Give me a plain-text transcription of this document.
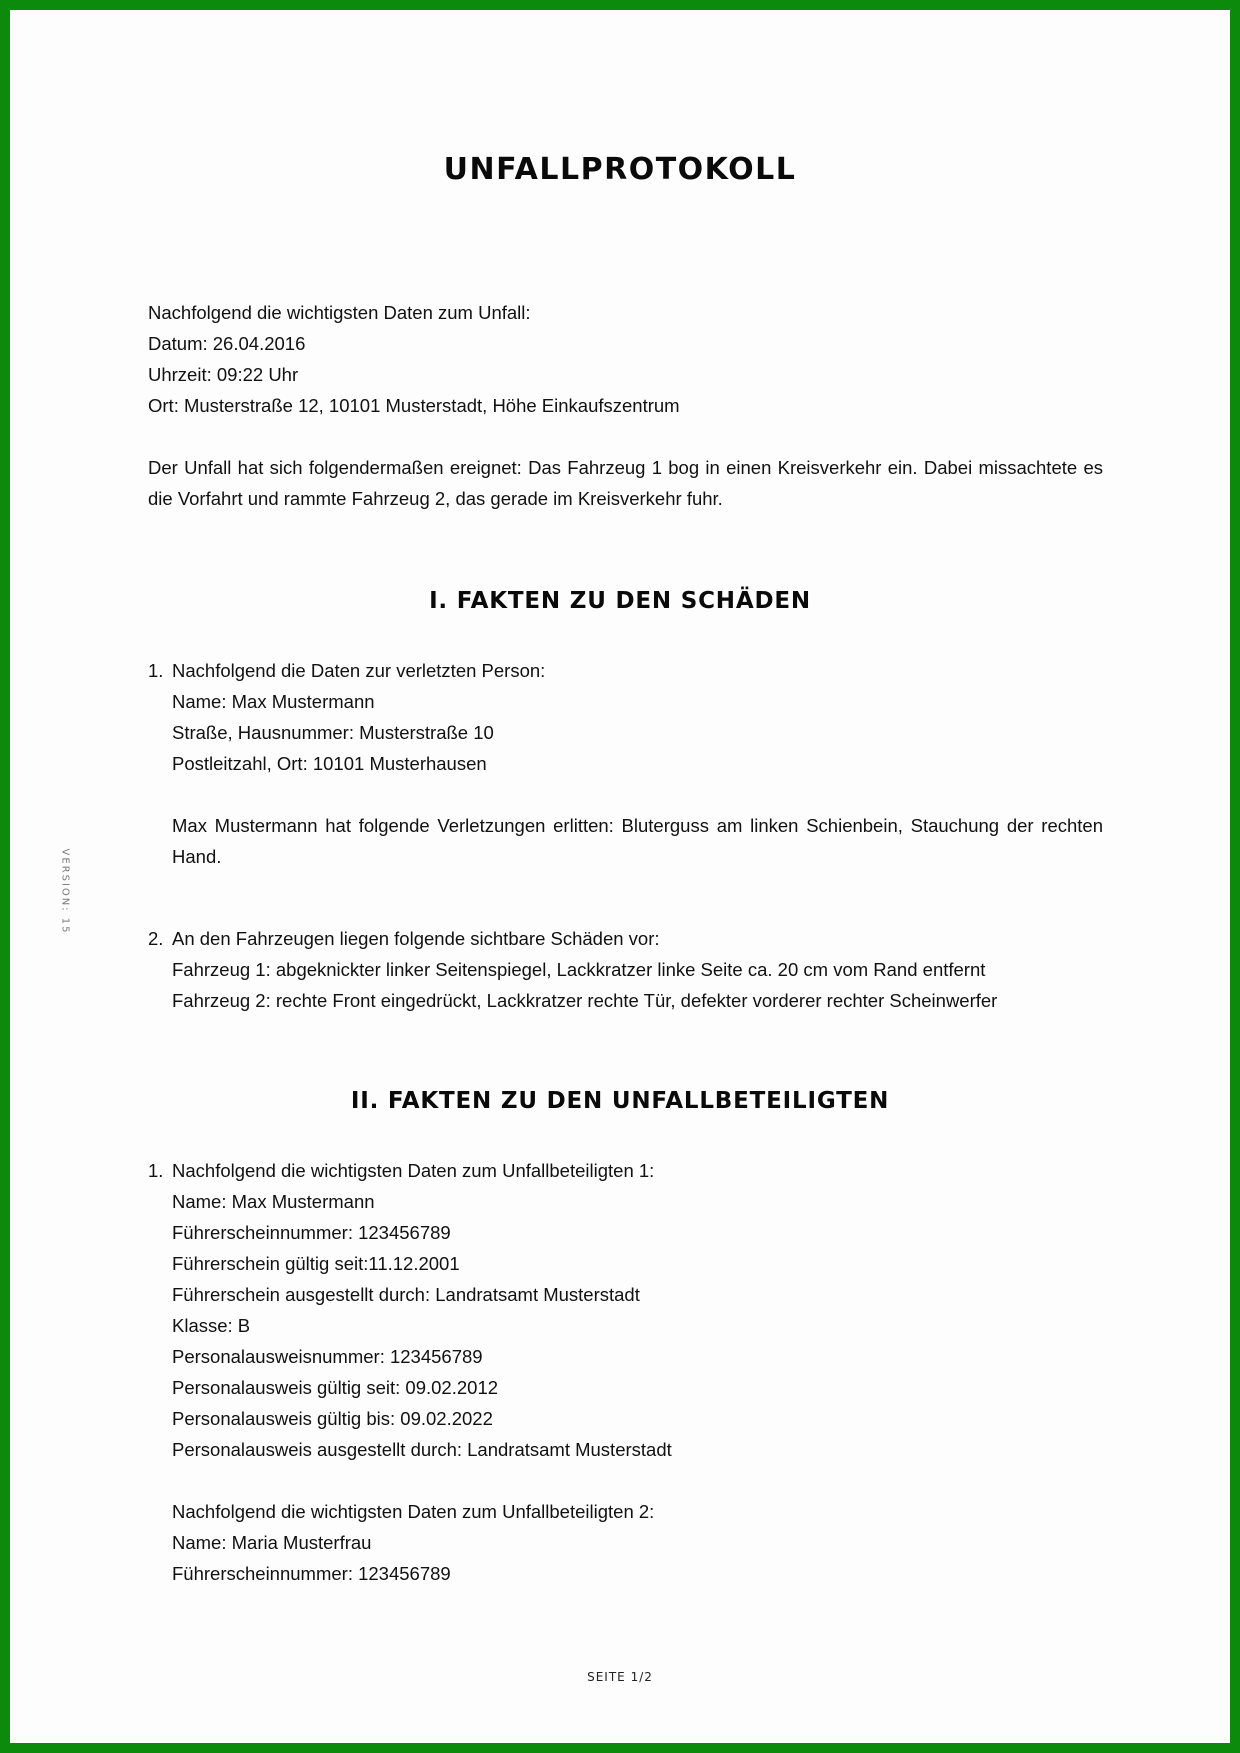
UNFALLPROTOKOLL
Nachfolgend die wichtigsten Daten zum Unfall:
Datum: 26.04.2016
Uhrzeit: 09:22 Uhr
Ort: Musterstraße 12, 10101 Musterstadt, Höhe Einkaufszentrum
Der Unfall hat sich folgendermaßen ereignet: Das Fahrzeug 1 bog in einen Kreisverkehr ein. Dabei missachtete es die Vorfahrt und rammte Fahrzeug 2, das gerade im Kreisverkehr fuhr.
I. FAKTEN ZU DEN SCHÄDEN
1. Nachfolgend die Daten zur verletzten Person:
Name: Max Mustermann
Straße, Hausnummer: Musterstraße 10
Postleitzahl, Ort: 10101 Musterhausen
Max Mustermann hat folgende Verletzungen erlitten: Bluterguss am linken Schienbein, Stauchung der rechten Hand.
2. An den Fahrzeugen liegen folgende sichtbare Schäden vor:
Fahrzeug 1: abgeknickter linker Seitenspiegel, Lackkratzer linke Seite ca. 20 cm vom Rand entfernt
Fahrzeug 2: rechte Front eingedrückt, Lackkratzer rechte Tür, defekter vorderer rechter Scheinwerfer
II. FAKTEN ZU DEN UNFALLBETEILIGTEN
1. Nachfolgend die wichtigsten Daten zum Unfallbeteiligten 1:
Name: Max Mustermann
Führerscheinnummer: 123456789
Führerschein gültig seit:11.12.2001
Führerschein ausgestellt durch: Landratsamt Musterstadt
Klasse: B
Personalausweisnummer: 123456789
Personalausweis gültig seit: 09.02.2012
Personalausweis gültig bis: 09.02.2022
Personalausweis ausgestellt durch: Landratsamt Musterstadt
Nachfolgend die wichtigsten Daten zum Unfallbeteiligten 2:
Name: Maria Musterfrau
Führerscheinnummer: 123456789
VERSION: 15
SEITE 1/2
